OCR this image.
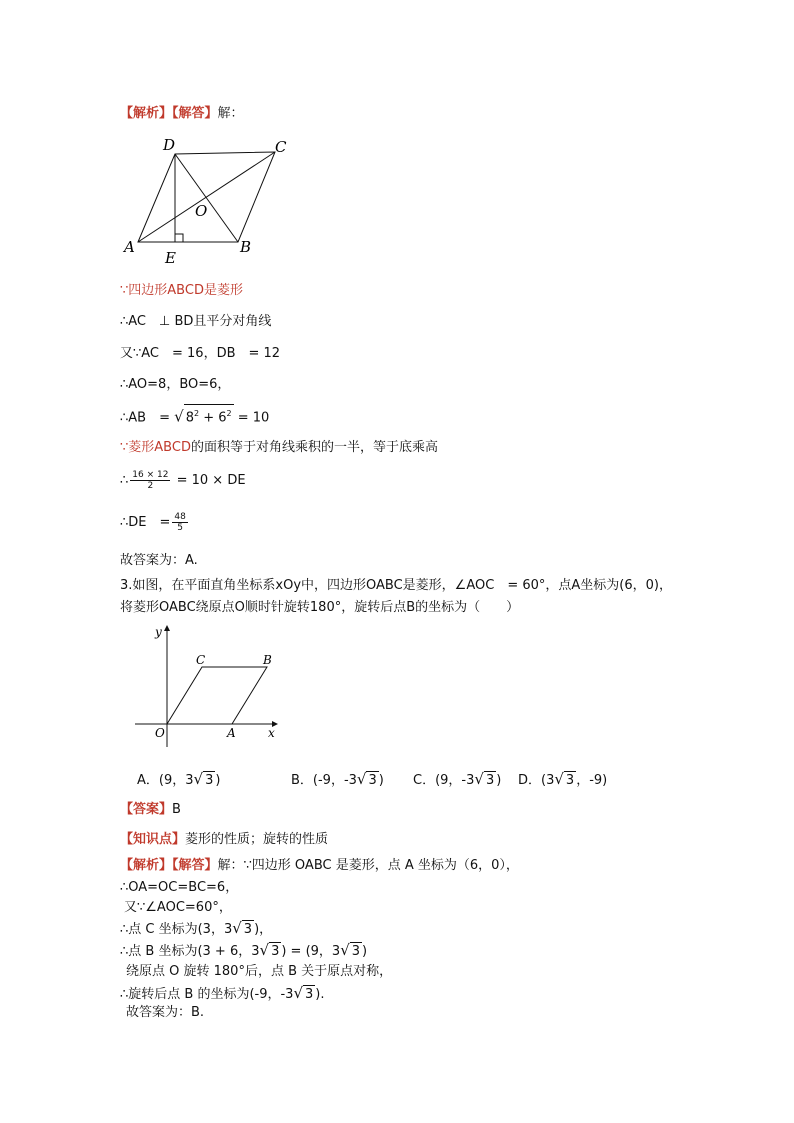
【解析】【解答】解：
D	C
O
A
E
B
∵四边形ABCD是菱形
∴AC　⊥ BD且平分对角线
又∵AC　= 16，DB　= 12
∴AO=8，BO=6，
∴AB　= √ $8^2 + 6^2 = 10$
∵菱形ABCD的面积等于对角线乘积的一半，等于底乘高
∴ $\frac{16 \times 12}{2} = 10$ × DE
∴DE　= $\frac{48}{5}$
故答案为：A.
3.如图，在平面直角坐标系xOy中，四边形OABC是菱形，∠AOC　= 60°，点A坐标为(6，0)，
将菱形OABC绕原点O顺时针旋转180°，旋转后点B的坐标为（　　）
y
x
C	B
O	A
A．(9，3√ 3 )	B．(-9，-3√ 3 ) C．(9，-3√ 3 ) D．(3√ 3 ，-9)
【答案】B
【知识点】菱形的性质；旋转的性质
【解析】【解答】解：∵四边形 OABC 是菱形，点 A 坐标为（6，0），
∴OA=OC=BC=6，
又∵∠AOC=60°，
∴点 C 坐标为(3，3√ 3 )，
∴点 B 坐标为(3 + 6，3√ 3 ) = (9，3√ 3 )
绕原点 O 旋转 180°后，点 B 关于原点对称，
∴旋转后点 B 的坐标为(-9，-3√ 3 ).
故答案为：B.
